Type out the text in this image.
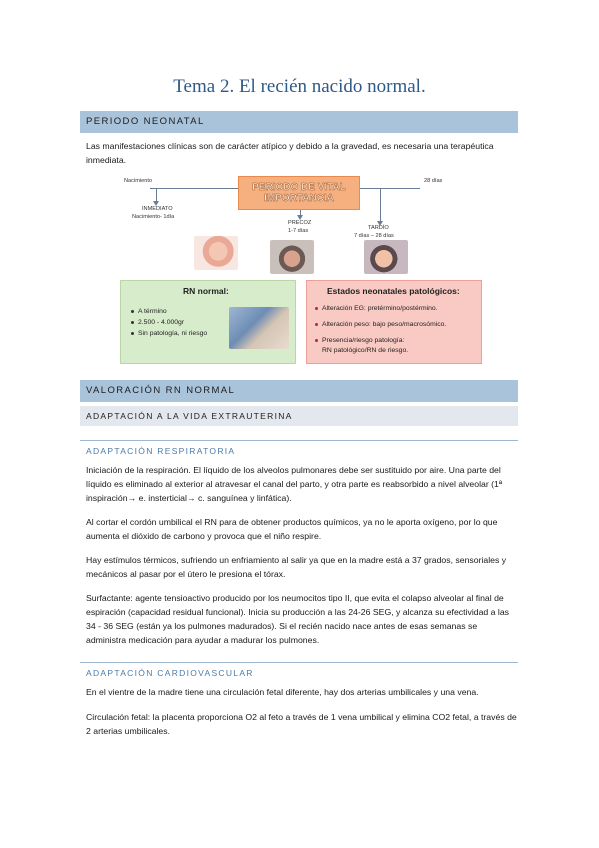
Tema 2. El recién nacido normal.
PERIODO NEONATAL
Las manifestaciones clínicas son de carácter atípico y debido a la gravedad, es necesaria una terapéutica inmediata.
Nacimiento	28 días
PERIODO DE VITAL IMPORTANCIA
INMEDIATO
Nacimiento- 1día
PRECOZ
1-7 días	TARDÍO
7 días – 28 días
RN normal:
A término
2.500 - 4.000gr
Sin patología, ni riesgo
Estados neonatales patológicos:
Alteración EG: pretérmino/postérmino.
Alteración peso: bajo peso/macrosómico.
Presencia/riesgo patología:
RN patológico/RN de riesgo.
VALORACIÓN RN NORMAL
ADAPTACIÓN A LA VIDA EXTRAUTERINA
ADAPTACIÓN RESPIRATORIA
Iniciación de la respiración. El líquido de los alveolos pulmonares debe ser sustituido por aire. Una parte del líquido es eliminado al exterior al atravesar el canal del parto, y otra parte es reabsorbido a nivel alveolar (1ª inspiración→ e. insterticial→ c. sanguínea y linfática).
Al cortar el cordón umbilical el RN para de obtener productos químicos, ya no le aporta oxígeno, por lo que aumenta el dióxido de carbono y provoca que el niño respire.
Hay estímulos térmicos, sufriendo un enfriamiento al salir ya que en la madre está a 37 grados, sensoriales y mecánicos al pasar por el útero le presiona el tórax.
Surfactante: agente tensioactivo producido por los neumocitos tipo II, que evita el colapso alveolar al final de espiración (capacidad residual funcional). Inicia su producción a las 24-26 SEG, y alcanza su efectividad a las 34 - 36 SEG (están ya los pulmones madurados). Si el recién nacido nace antes de esas semanas se administra medicación para ayudar a madurar los pulmones.
ADAPTACIÓN CARDIOVASCULAR
En el vientre de la madre tiene una circulación fetal diferente, hay dos arterias umbilicales y una vena.
Circulación fetal: la placenta proporciona O2 al feto a través de 1 vena umbilical y elimina CO2 fetal, a través de 2 arterias umbilicales.
